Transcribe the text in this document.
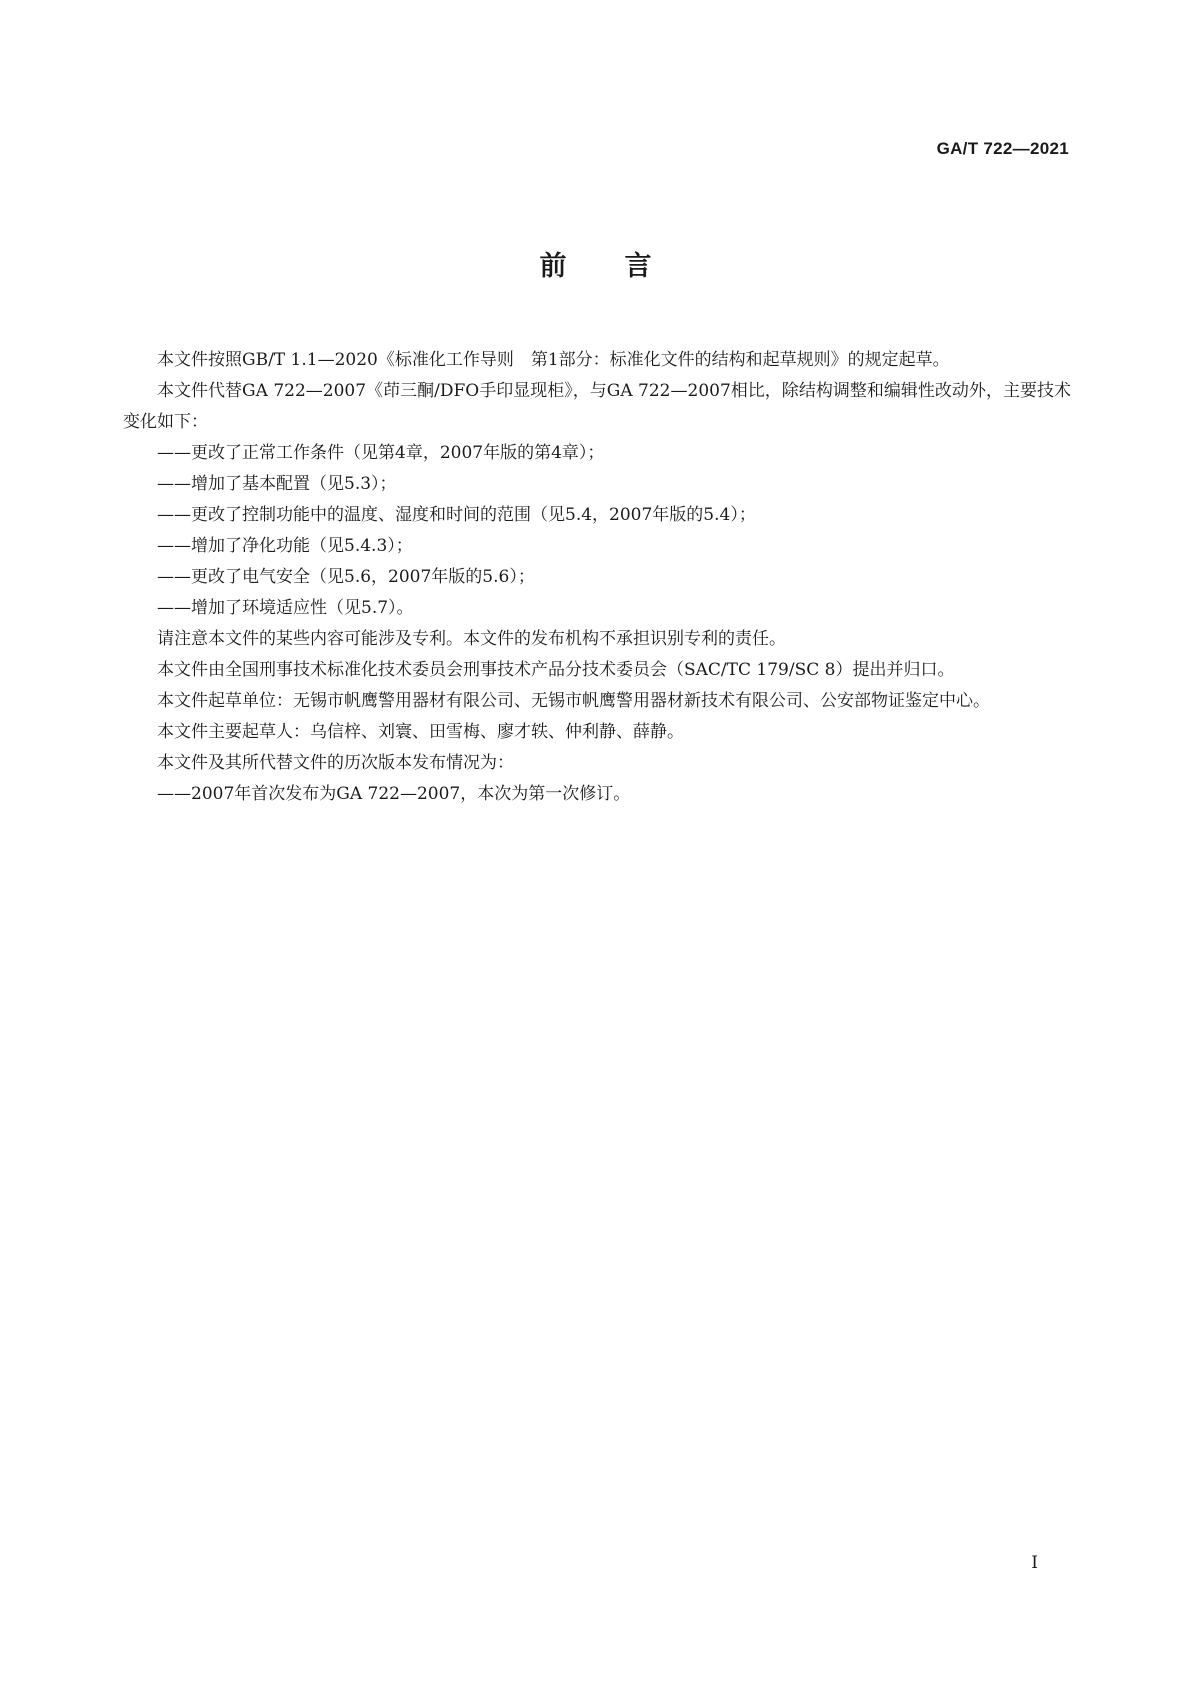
GA/T 722—2021
前言

本文件按照GB/T 1.1—2020《标准化工作导则　第1部分：标准化文件的结构和起草规则》的规定起草。

本文件代替GA 722—2007《茚三酮/DFO手印显现柜》，与GA 722—2007相比，除结构调整和编辑性改动外，主要技术变化如下：

——更改了正常工作条件（见第4章，2007年版的第4章）；

——增加了基本配置（见5.3）；

——更改了控制功能中的温度、湿度和时间的范围（见5.4，2007年版的5.4）；

——增加了净化功能（见5.4.3）；

——更改了电气安全（见5.6，2007年版的5.6）；

——增加了环境适应性（见5.7）。

请注意本文件的某些内容可能涉及专利。本文件的发布机构不承担识别专利的责任。

本文件由全国刑事技术标准化技术委员会刑事技术产品分技术委员会（SAC/TC 179/SC 8）提出并归口。

本文件起草单位：无锡市帆鹰警用器材有限公司、无锡市帆鹰警用器材新技术有限公司、公安部物证鉴定中心。

本文件主要起草人：乌信梓、刘寰、田雪梅、廖才轶、仲利静、薛静。

本文件及其所代替文件的历次版本发布情况为：

——2007年首次发布为GA 722—2007，本次为第一次修订。

I
